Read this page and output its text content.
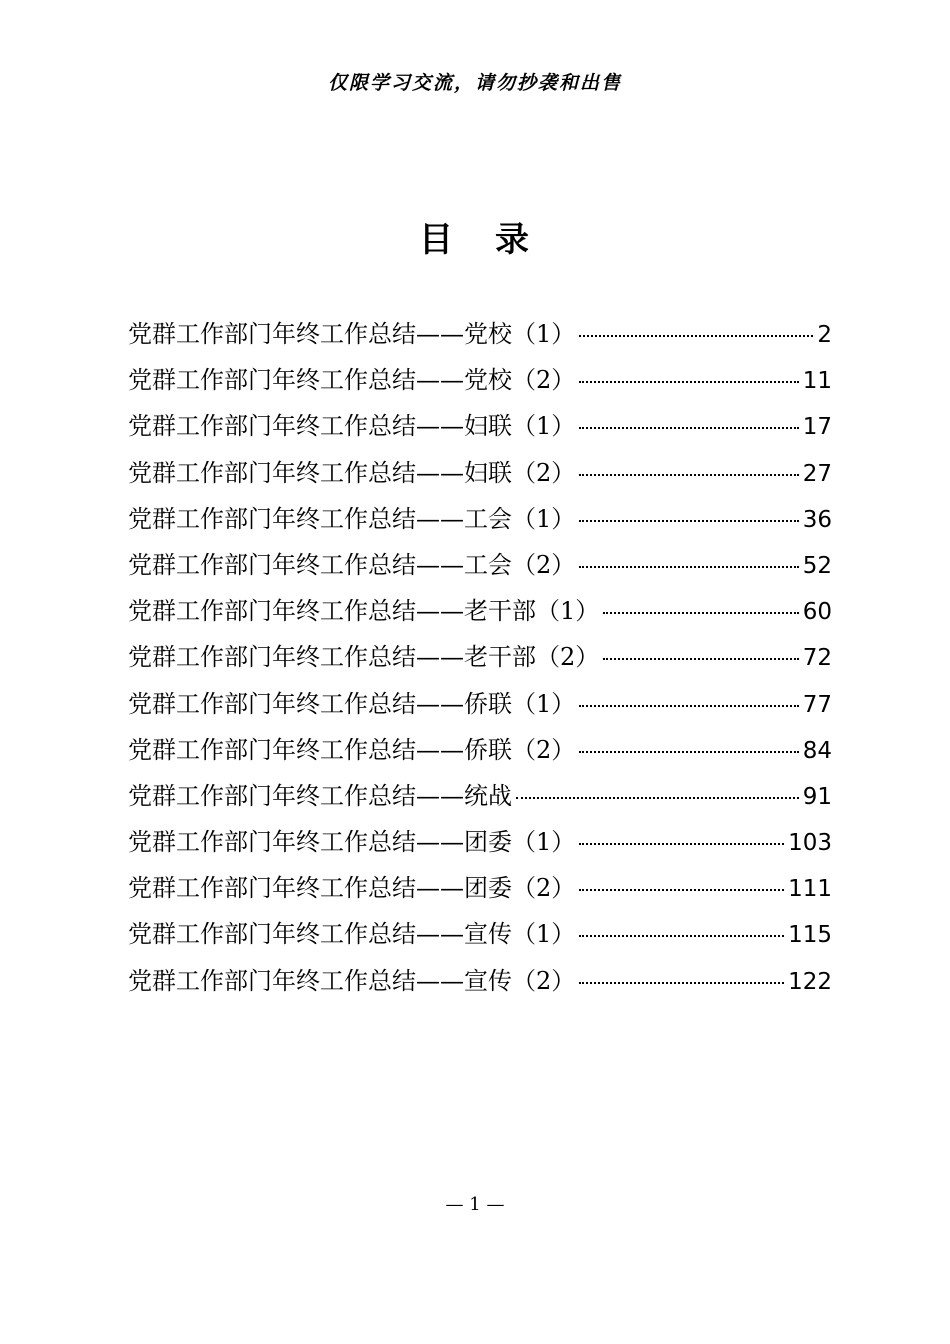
仅限学习交流，请勿抄袭和出售
目 录
党群工作部门年终工作总结——党校（1）	2
党群工作部门年终工作总结——党校（2）	11
党群工作部门年终工作总结——妇联（1）	17
党群工作部门年终工作总结——妇联（2）	27
党群工作部门年终工作总结——工会（1）	36
党群工作部门年终工作总结——工会（2）	52
党群工作部门年终工作总结——老干部（1）	60
党群工作部门年终工作总结——老干部（2）	72
党群工作部门年终工作总结——侨联（1）	77
党群工作部门年终工作总结——侨联（2）	84
党群工作部门年终工作总结——统战	91
党群工作部门年终工作总结——团委（1）	103
党群工作部门年终工作总结——团委（2）	111
党群工作部门年终工作总结——宣传（1）	115
党群工作部门年终工作总结——宣传（2）	122
— 1 —
